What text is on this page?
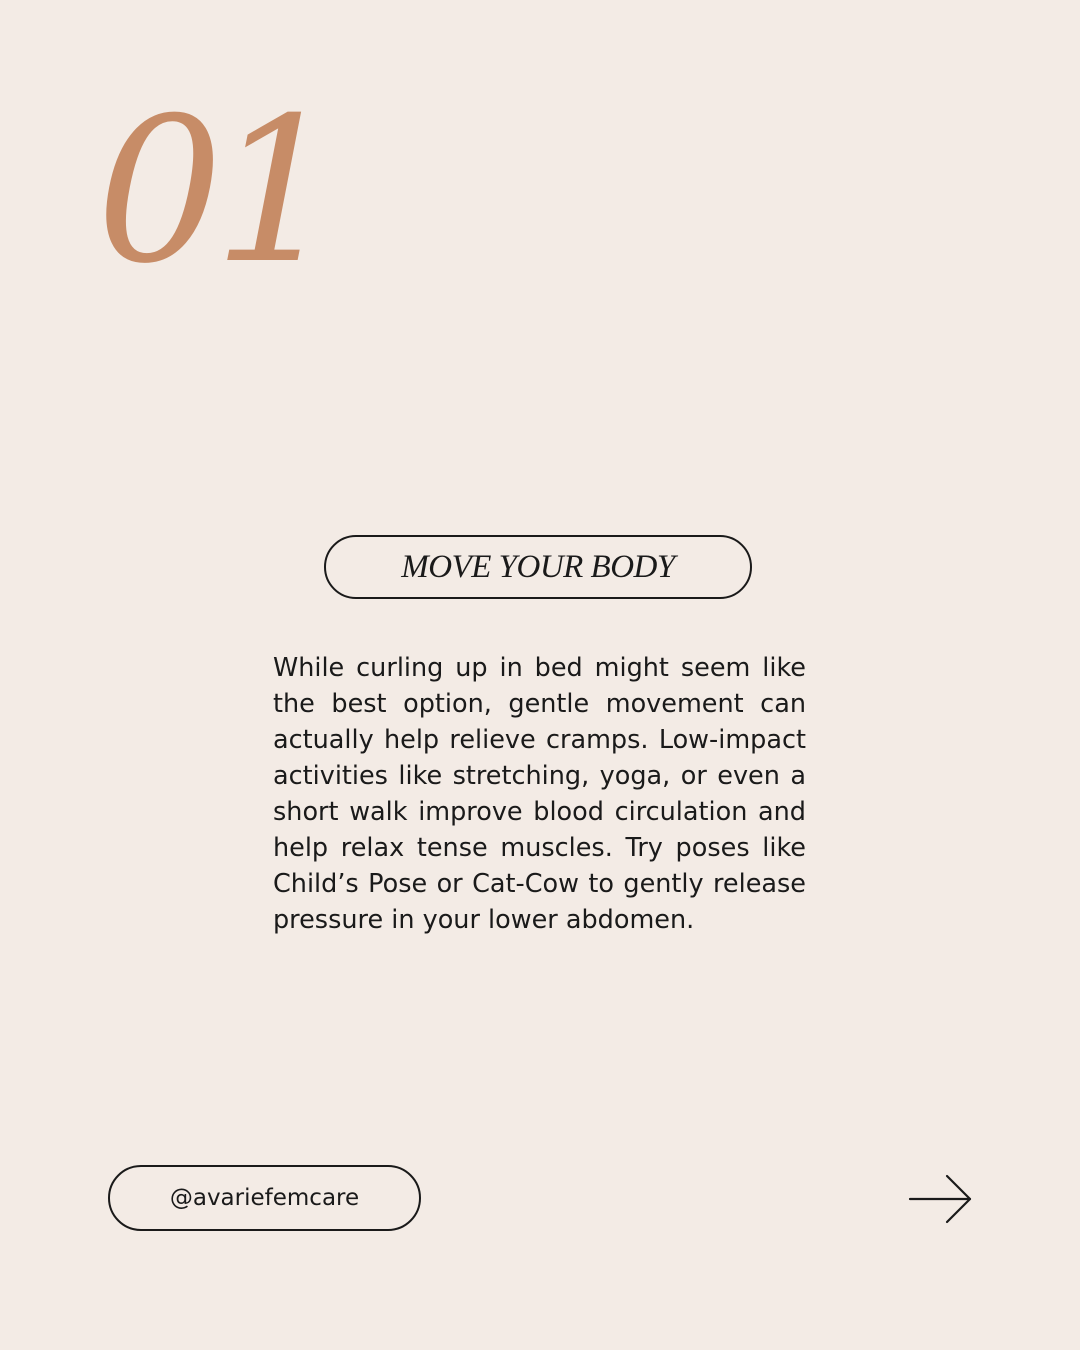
01
MOVE YOUR BODY

While curling up in bed might seem like the best option, gentle movement can actually help relieve cramps. Low-impact activities like stretching, yoga, or even a short walk improve blood circulation and help relax tense muscles. Try poses like Child’s Pose or Cat-Cow to gently release pressure in your lower abdomen.

@avariefemcare
